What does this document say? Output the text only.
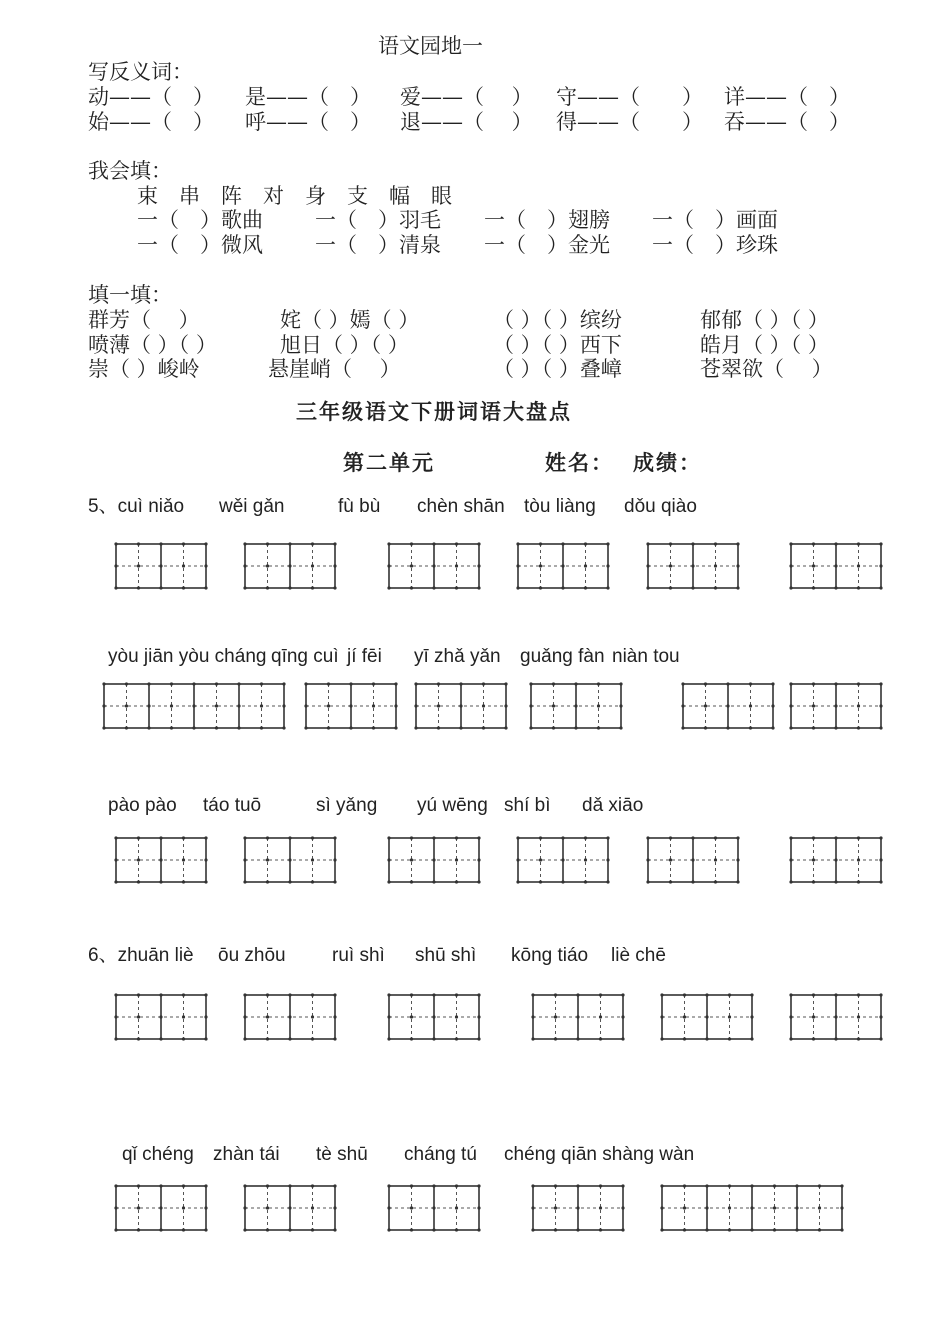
语文园地一
写反义词：
动——（　） 是——（　） 爱——（　 ） 守——（　　） 详——（　）
始——（　） 呼——（　） 退——（　 ） 得——（　　） 吞——（　）
我会填：
束　串　阵　对　身　支　幅　眼
一（　）歌曲 一（　）羽毛 一（　）翅膀 一（　）画面
一（　）微风 一（　）清泉 一（　）金光 一（　）珍珠
填一填：
群芳（　 ）	姹（ ）嫣（ ）	（ ）（ ）缤纷	郁郁（ ）（ ）
喷薄（ ）（ ）	旭日（ ）（ ）	（ ）（ ）西下	皓月（ ）（ ）
崇（ ）峻岭	悬崖峭（　 ）	（ ）（ ）叠嶂	苍翠欲（　 ）
三年级语文下册词语大盘点
第二单元	姓名： 成绩：
5、cuì niǎo wěi gǎn	fù bù chèn shān tòu liàng dǒu qiào
yòu jiān yòu cháng qīng cuì jí fēi yī zhǎ yǎn guǎng fàn niàn tou
pào pào táo tuō	sì yǎng yú wēng shí bì dǎ xiāo
6、zhuān liè ōu zhōu ruì shì shū shì kōng tiáo liè chē
qǐ chéng zhàn tái tè shū cháng tú chéng qiān shàng wàn
